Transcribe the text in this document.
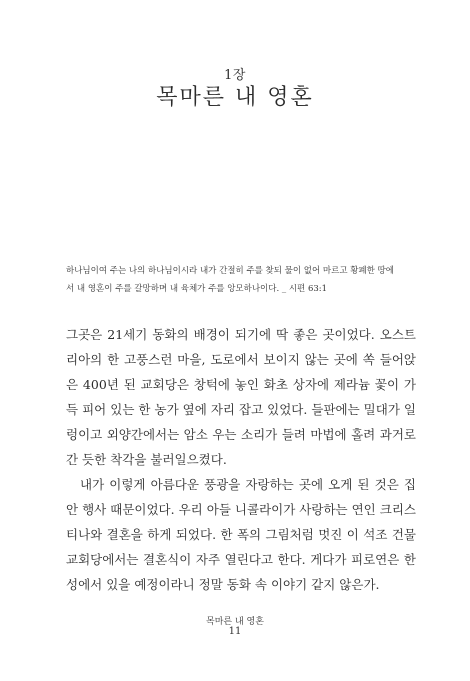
1장
목마른 내 영혼
하나님이여 주는 나의 하나님이시라 내가 간절히 주를 찾되 물이 없어 마르고 황폐한 땅에
서 내 영혼이 주를 갈망하며 내 육체가 주를 앙모하나이다. _ 시편 63:1

그곳은 21세기 동화의 배경이 되기에 딱 좋은 곳이었다. 오스트리아의 한 고풍스런 마을, 도로에서 보이지 않는 곳에 쏙 들어앉은 400년 된 교회당은 창턱에 놓인 화초 상자에 제라늄 꽃이 가득 피어 있는 한 농가 옆에 자리 잡고 있었다. 들판에는 밀대가 일렁이고 외양간에서는 암소 우는 소리가 들려 마법에 홀려 과거로 간 듯한 착각을 불러일으켰다.

내가 이렇게 아름다운 풍광을 자랑하는 곳에 오게 된 것은 집안 행사 때문이었다. 우리 아들 니콜라이가 사랑하는 연인 크리스티나와 결혼을 하게 되었다. 한 폭의 그림처럼 멋진 이 석조 건물 교회당에서는 결혼식이 자주 열린다고 한다. 게다가 피로연은 한 성에서 있을 예정이라니 정말 동화 속 이야기 같지 않은가.

목마른 내 영혼
11
